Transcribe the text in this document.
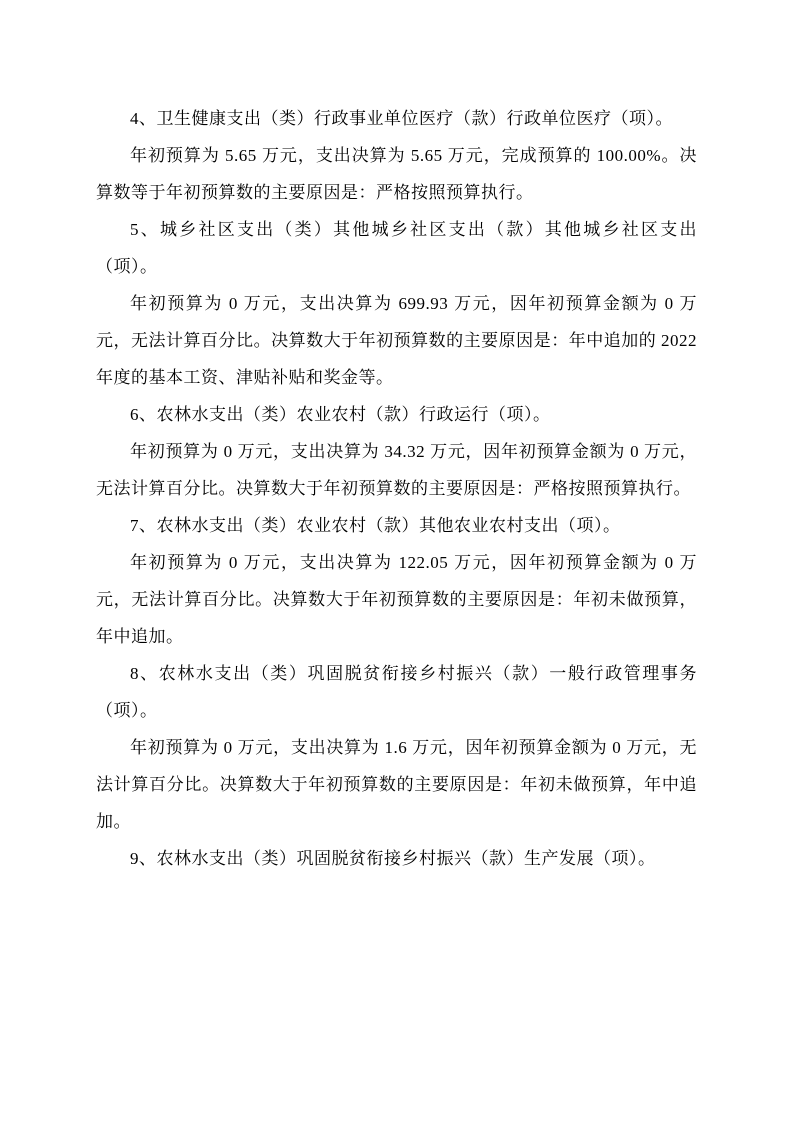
4、卫生健康支出（类）行政事业单位医疗（款）行政单位医疗（项）。

年初预算为 5.65 万元，支出决算为 5.65 万元，完成预算的 100.00%。决算数等于年初预算数的主要原因是：严格按照预算执行。

5、城乡社区支出（类）其他城乡社区支出（款）其他城乡社区支出（项）。

年初预算为 0 万元，支出决算为 699.93 万元，因年初预算金额为 0 万元，无法计算百分比。决算数大于年初预算数的主要原因是：年中追加的 2022 年度的基本工资、津贴补贴和奖金等。

6、农林水支出（类）农业农村（款）行政运行（项）。

年初预算为 0 万元，支出决算为 34.32 万元，因年初预算金额为 0 万元，无法计算百分比。决算数大于年初预算数的主要原因是：严格按照预算执行。

7、农林水支出（类）农业农村（款）其他农业农村支出（项）。

年初预算为 0 万元，支出决算为 122.05 万元，因年初预算金额为 0 万元，无法计算百分比。决算数大于年初预算数的主要原因是：年初未做预算，年中追加。

8、农林水支出（类）巩固脱贫衔接乡村振兴（款）一般行政管理事务（项）。

年初预算为 0 万元，支出决算为 1.6 万元，因年初预算金额为 0 万元，无法计算百分比。决算数大于年初预算数的主要原因是：年初未做预算，年中追加。

9、农林水支出（类）巩固脱贫衔接乡村振兴（款）生产发展（项）。
